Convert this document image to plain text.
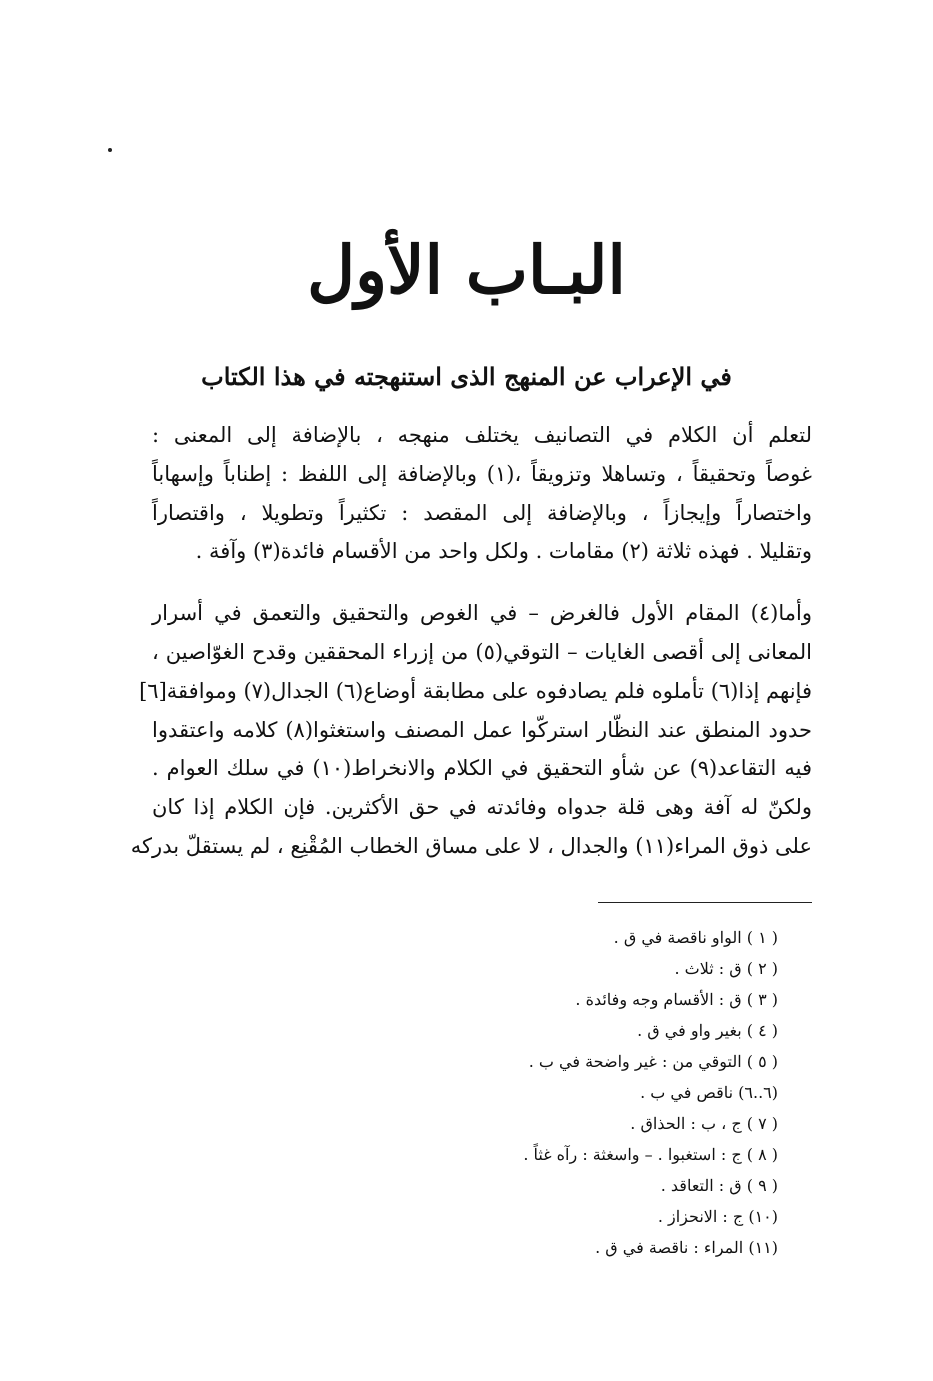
البـاب الأول
في الإعراب عن المنهج الذى استنهجته في هذا الكتاب
لتعلم أن الكلام في التصانيف يختلف منهجه ، بالإضافة إلى المعنى :
غوصاً وتحقيقاً ، وتساهلا وتزويقاً ،(١) وبالإضافة إلى اللفظ : إطناباً وإسهاباً
واختصاراً وإيجازاً ، وبالإضافة إلى المقصد : تكثيراً وتطويلا ، واقتصاراً
وتقليلا . فهذه ثلاثة (٢) مقامات . ولكل واحد من الأقسام فائدة(٣) وآفة .
وأما(٤) المقام الأول فالغرض – في الغوص والتحقيق والتعمق في أسرار
المعانى إلى أقصى الغايات – التوقي(٥) من إزراء المحققين وقدح الغوّاصين ،
فإنهم إذا(٦) تأملوه فلم يصادفوه على مطابقة أوضاع(٦) الجدال(٧) وموافقة[٦]
حدود المنطق عند النظّار استركّوا عمل المصنف واستغثوا(٨) كلامه واعتقدوا
فيه التقاعد(٩) عن شأو التحقيق في الكلام والانخراط(١٠) في سلك العوام .
ولكنّ له آفة وهى قلة جدواه وفائدته في حق الأكثرين. فإن الكلام إذا كان
على ذوق المراء(١١) والجدال ، لا على مساق الخطاب المُقْنِع ، لم يستقلّ بدركه
( ١ ) الواو ناقصة في ق .
( ٢ ) ق : ثلاث .
( ٣ ) ق : الأقسام وجه وفائدة .
( ٤ ) بغير واو في ق .
( ٥ ) التوقي من : غير واضحة في ب .
(٦..٦) ناقص في ب .
( ٧ ) ج ، ب : الحذاق .
( ٨ ) ج : استغبوا . – واسغثة : رآه غثاً .
( ٩ ) ق : التعاقد .
(١٠) ج : الانحزاز .
(١١) المراء : ناقصة في ق .
